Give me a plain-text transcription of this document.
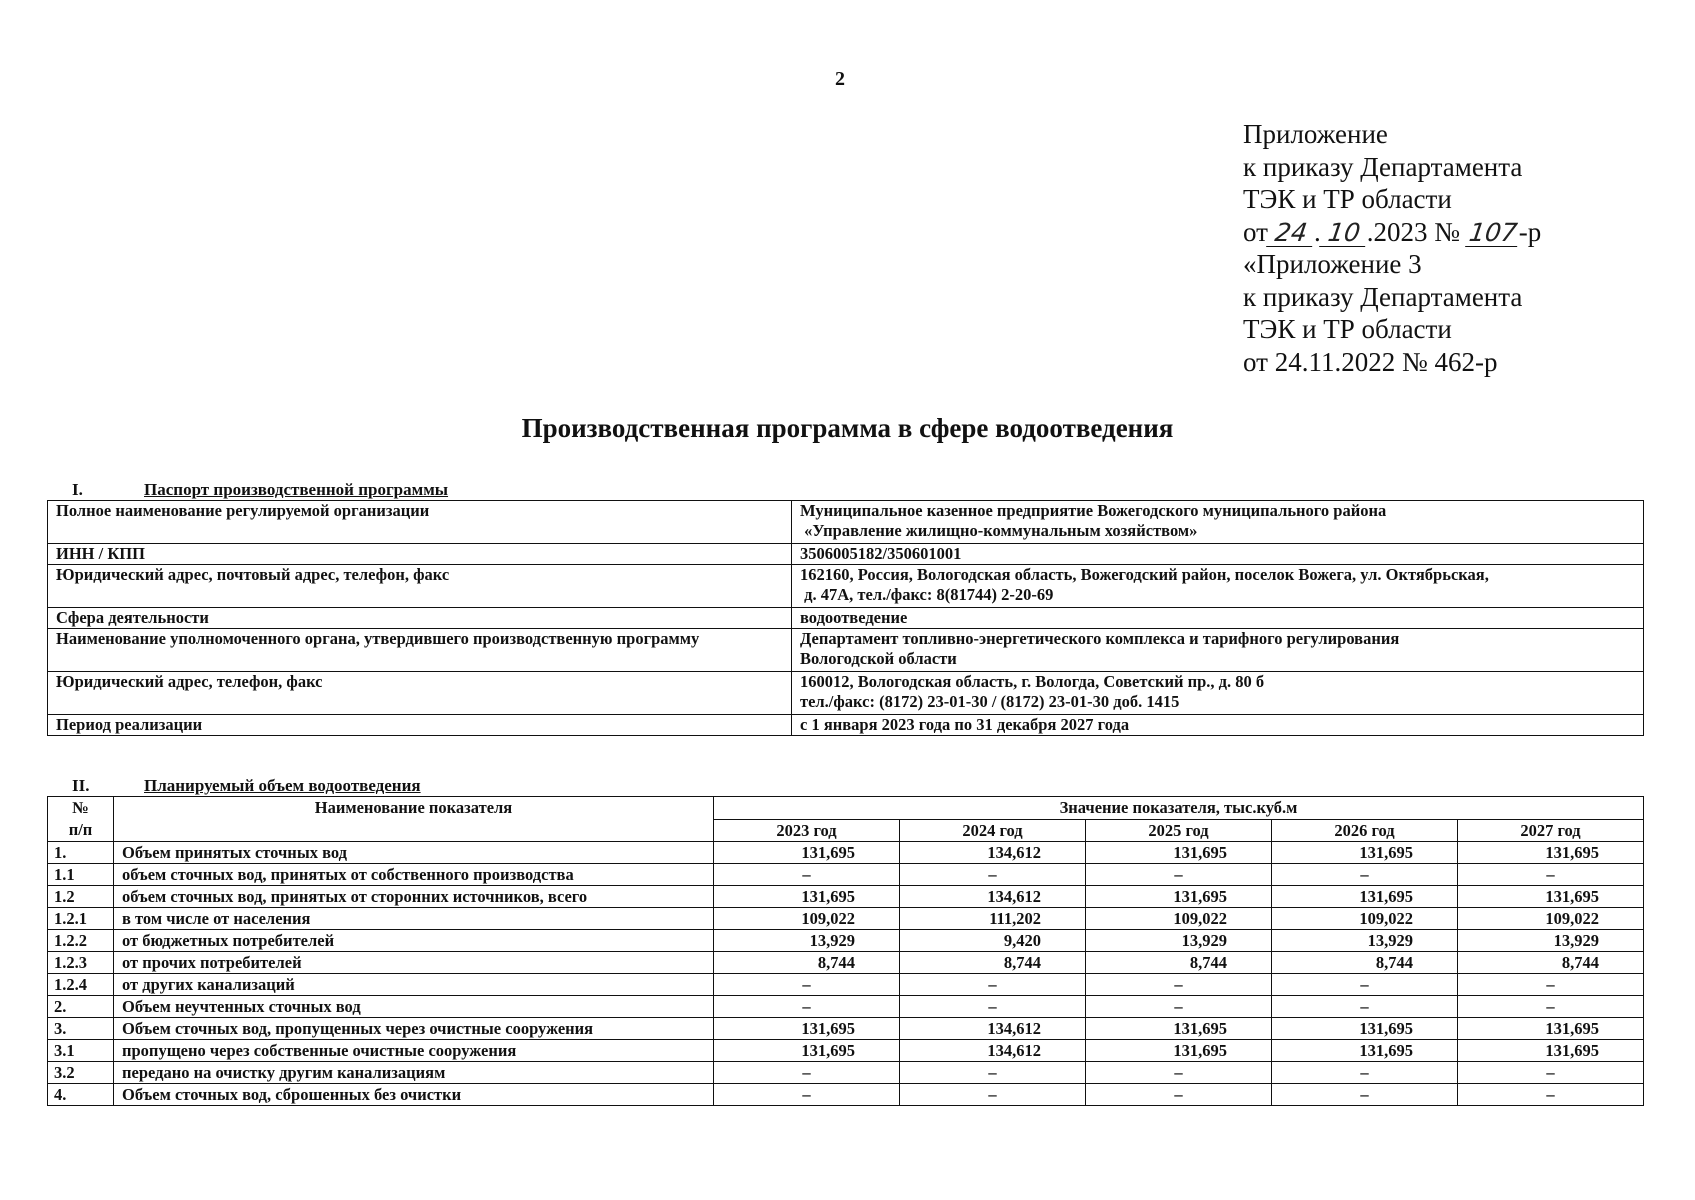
2
Приложение
к приказу Департамента
ТЭК и ТР области
от 24 . 10 .2023 № 107-р
«Приложение 3
к приказу Департамента
ТЭК и ТР области
от 24.11.2022 № 462-р
Производственная программа в сфере водоотведения
I.	Паспорт производственной программы
Полное наименование регулируемой организации	Муниципальное казенное предприятие Вожегодского муниципального района
«Управление жилищно-коммунальным хозяйством»

ИНН / КПП	3506005182/350601001

Юридический адрес, почтовый адрес, телефон, факс	162160, Россия, Вологодская область, Вожегодский район, поселок Вожега, ул. Октябрьская,
д. 47А, тел./факс: 8(81744) 2-20-69

Сфера деятельности	водоотведение

Наименование уполномоченного органа, утвердившего производственную программу	Департамент топливно-энергетического комплекса и тарифного регулирования
Вологодской области

Юридический адрес, телефон, факс	160012, Вологодская область, г. Вологда, Советский пр., д. 80 б
тел./факс: (8172) 23-01-30 / (8172) 23-01-30 доб. 1415

Период реализации	с 1 января 2023 года по 31 декабря 2027 года
II.	Планируемый объем водоотведения
№
п/п	Наименование показателя	Значение показателя, тыс.куб.м				
		2023 год	2024 год	2025 год	2026 год	2027 год
1.	Объем принятых сточных вод	131,695	134,612	131,695	131,695	131,695
1.1	объем сточных вод, принятых от собственного производства	–	–	–	–	–
1.2	объем сточных вод, принятых от сторонних источников, всего	131,695	134,612	131,695	131,695	131,695
1.2.1	в том числе от населения	109,022	111,202	109,022	109,022	109,022
1.2.2	от бюджетных потребителей	13,929	9,420	13,929	13,929	13,929
1.2.3	от прочих потребителей	8,744	8,744	8,744	8,744	8,744
1.2.4	от других канализаций	–	–	–	–	–
2.	Объем неучтенных сточных вод	–	–	–	–	–
3.	Объем сточных вод, пропущенных через очистные сооружения	131,695	134,612	131,695	131,695	131,695
3.1	пропущено через собственные очистные сооружения	131,695	134,612	131,695	131,695	131,695
3.2	передано на очистку другим канализациям	–	–	–	–	–
4.	Объем сточных вод, сброшенных без очистки	–	–	–	–	–
